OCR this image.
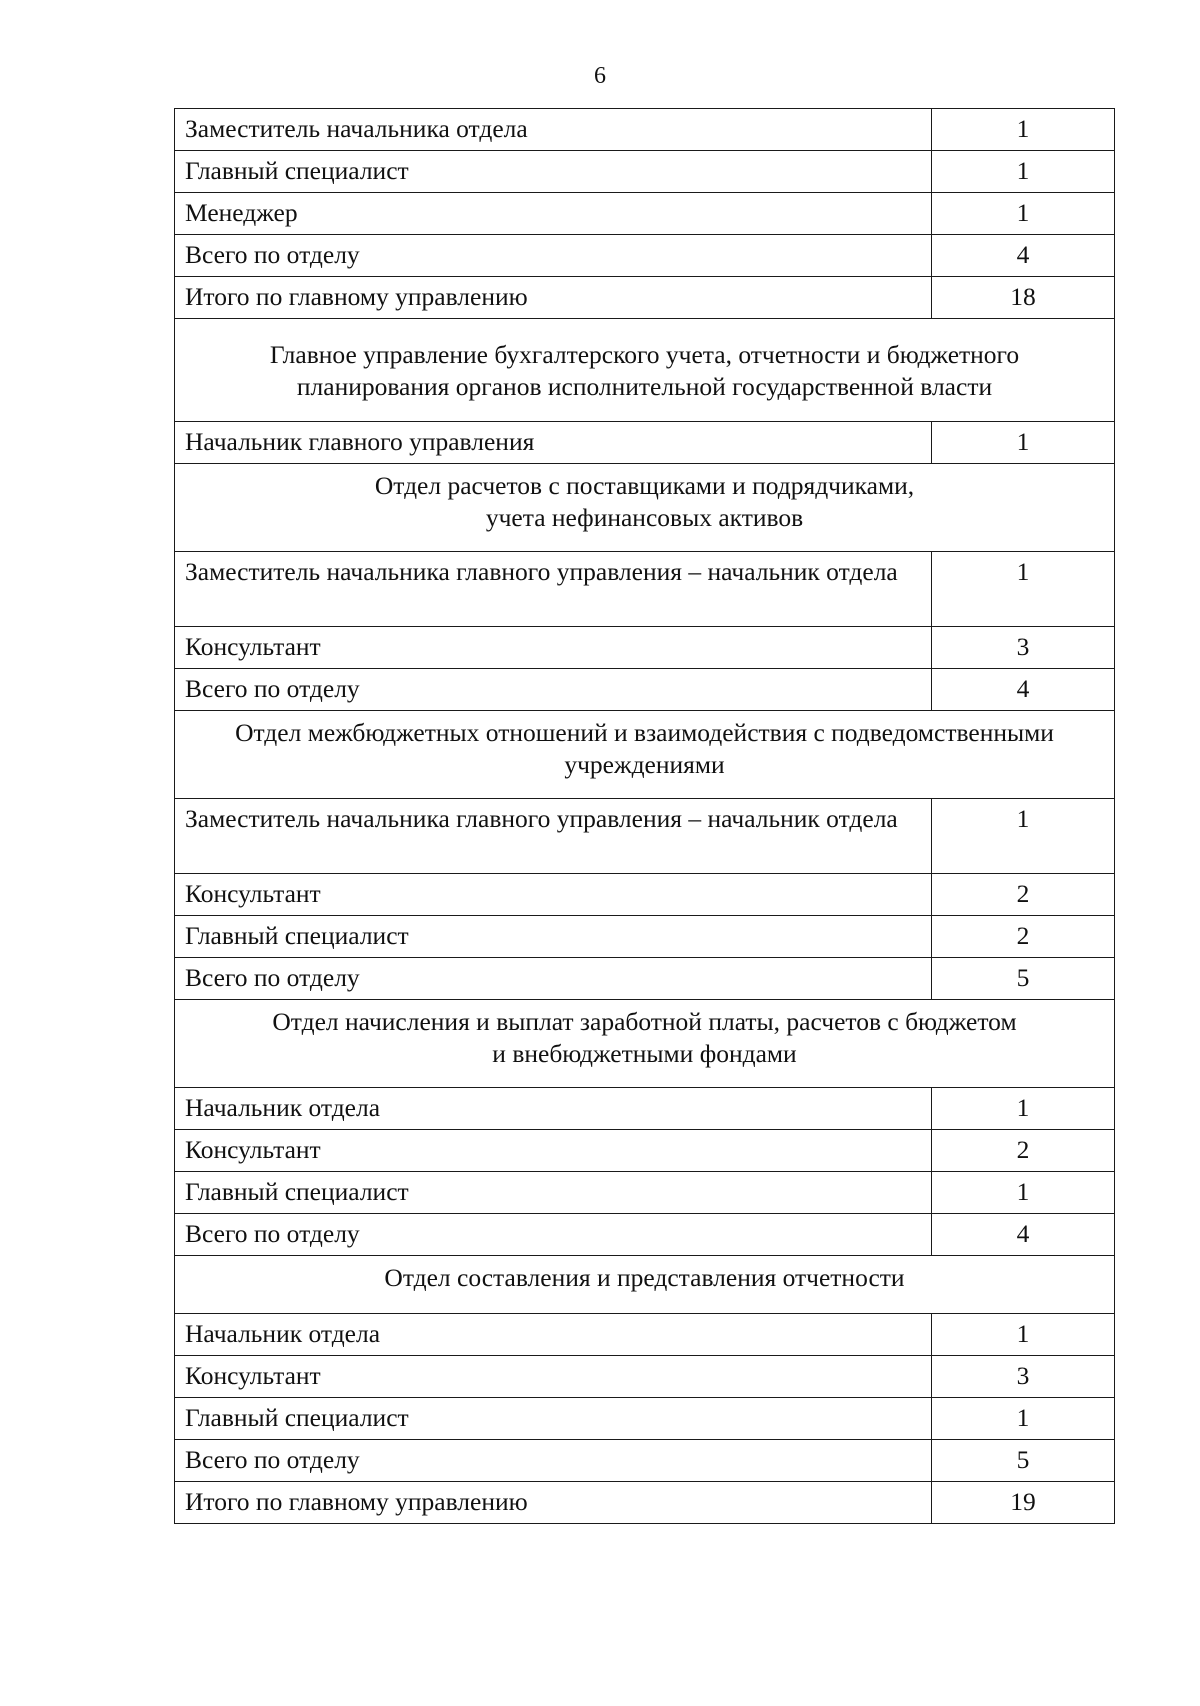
6
Заместитель начальника отдела	1
Главный специалист	1
Менеджер	1
Всего по отделу	4
Итого по главному управлению	18

Главное управление бухгалтерского учета, отчетности и бюджетного
планирования органов исполнительной государственной власти	

Начальник главного управления	1

Отдел расчетов с поставщиками и подрядчиками,
учета нефинансовых активов	

Заместитель начальника главного управления – начальник отдела	1
Консультант	3
Всего по отделу	4

Отдел межбюджетных отношений и взаимодействия с подведомственными
учреждениями	

Заместитель начальника главного управления – начальник отдела	1
Консультант	2
Главный специалист	2
Всего по отделу	5

Отдел начисления и выплат заработной платы, расчетов с бюджетом
и внебюджетными фондами	

Начальник отдела	1
Консультант	2
Главный специалист	1
Всего по отделу	4

Отдел составления и представления отчетности	

Начальник отдела	1
Консультант	3
Главный специалист	1
Всего по отделу	5
Итого по главному управлению	19
